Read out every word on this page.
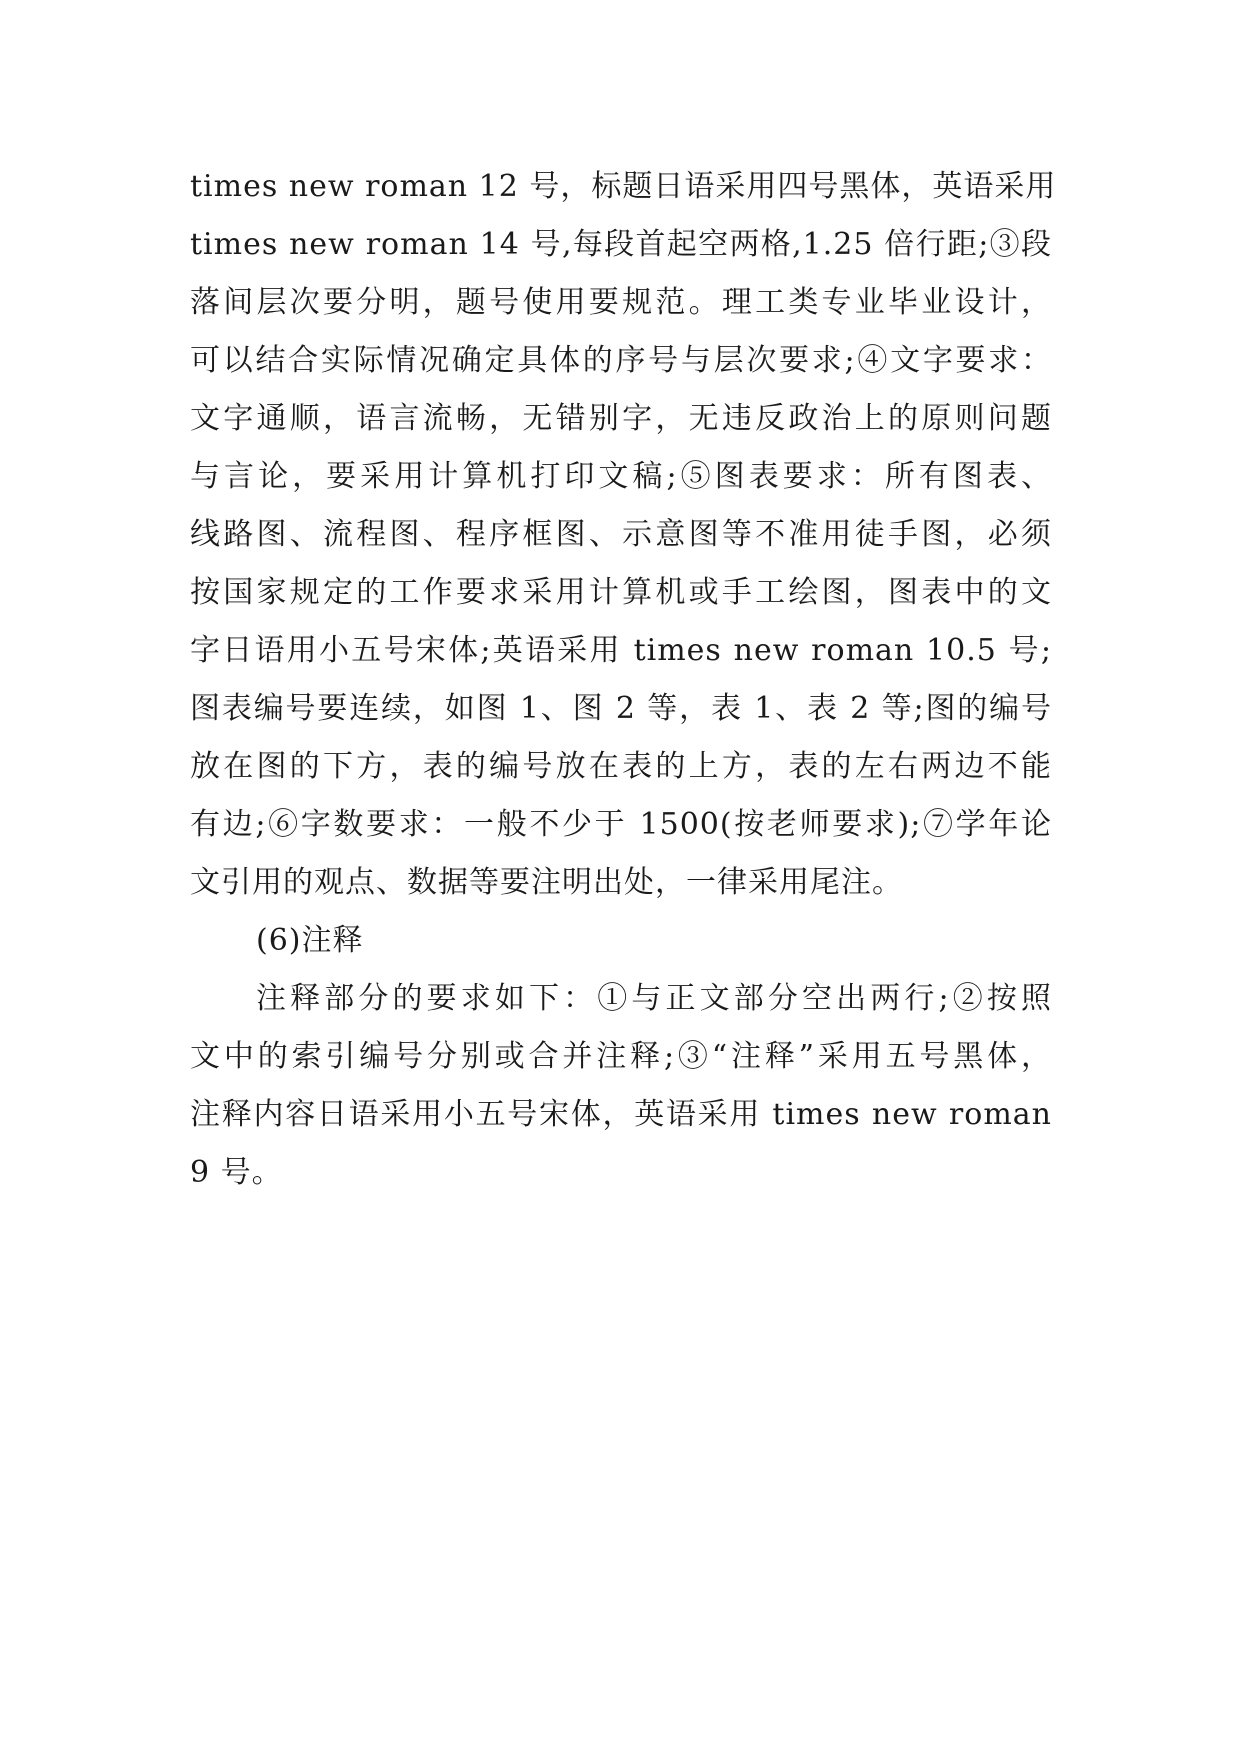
times new roman 12 号，标题日语采用四号黑体，英语采用
times new roman 14 号,每段首起空两格,1.25 倍行距;③段
落间层次要分明，题号使用要规范。理工类专业毕业设计，
可以结合实际情况确定具体的序号与层次要求;④文字要求：
文字通顺，语言流畅，无错别字，无违反政治上的原则问题
与言论，要采用计算机打印文稿;⑤图表要求：所有图表、
线路图、流程图、程序框图、示意图等不准用徒手图，必须
按国家规定的工作要求采用计算机或手工绘图，图表中的文
字日语用小五号宋体;英语采用 times new roman 10.5 号;
图表编号要连续，如图 1、图 2 等，表 1、表 2 等;图的编号
放在图的下方，表的编号放在表的上方，表的左右两边不能
有边;⑥字数要求：一般不少于 1500(按老师要求);⑦学年论
文引用的观点、数据等要注明出处，一律采用尾注。
(6)注释
注释部分的要求如下：①与正文部分空出两行;②按照
文中的索引编号分别或合并注释;③“注释”采用五号黑体，
注释内容日语采用小五号宋体，英语采用 times new roman
9 号。
